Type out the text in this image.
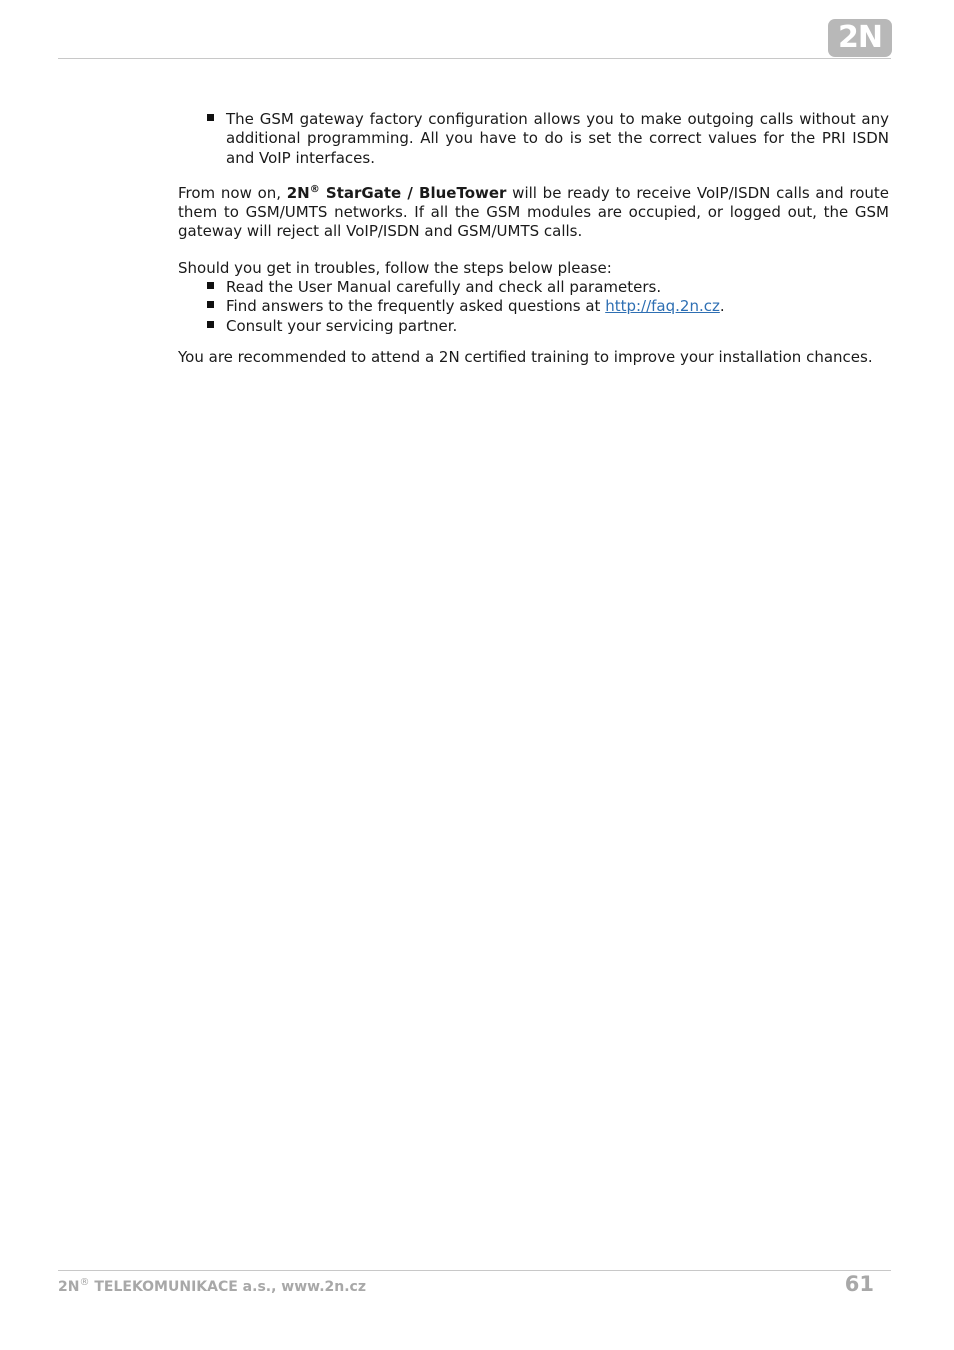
2N
The GSM gateway factory configuration allows you to make outgoing calls without any additional programming. All you have to do is set the correct values for the PRI ISDN and VoIP interfaces.

From now on, 2N® StarGate / BlueTower will be ready to receive VoIP/ISDN calls and route them to GSM/UMTS networks. If all the GSM modules are occupied, or logged out, the GSM gateway will reject all VoIP/ISDN and GSM/UMTS calls.

Should you get in troubles, follow the steps below please:

Read the User Manual carefully and check all parameters.
Find answers to the frequently asked questions at http://faq.2n.cz.
Consult your servicing partner.

You are recommended to attend a 2N certified training to improve your installation chances.

2N® TELEKOMUNIKACE a.s., www.2n.cz	61
